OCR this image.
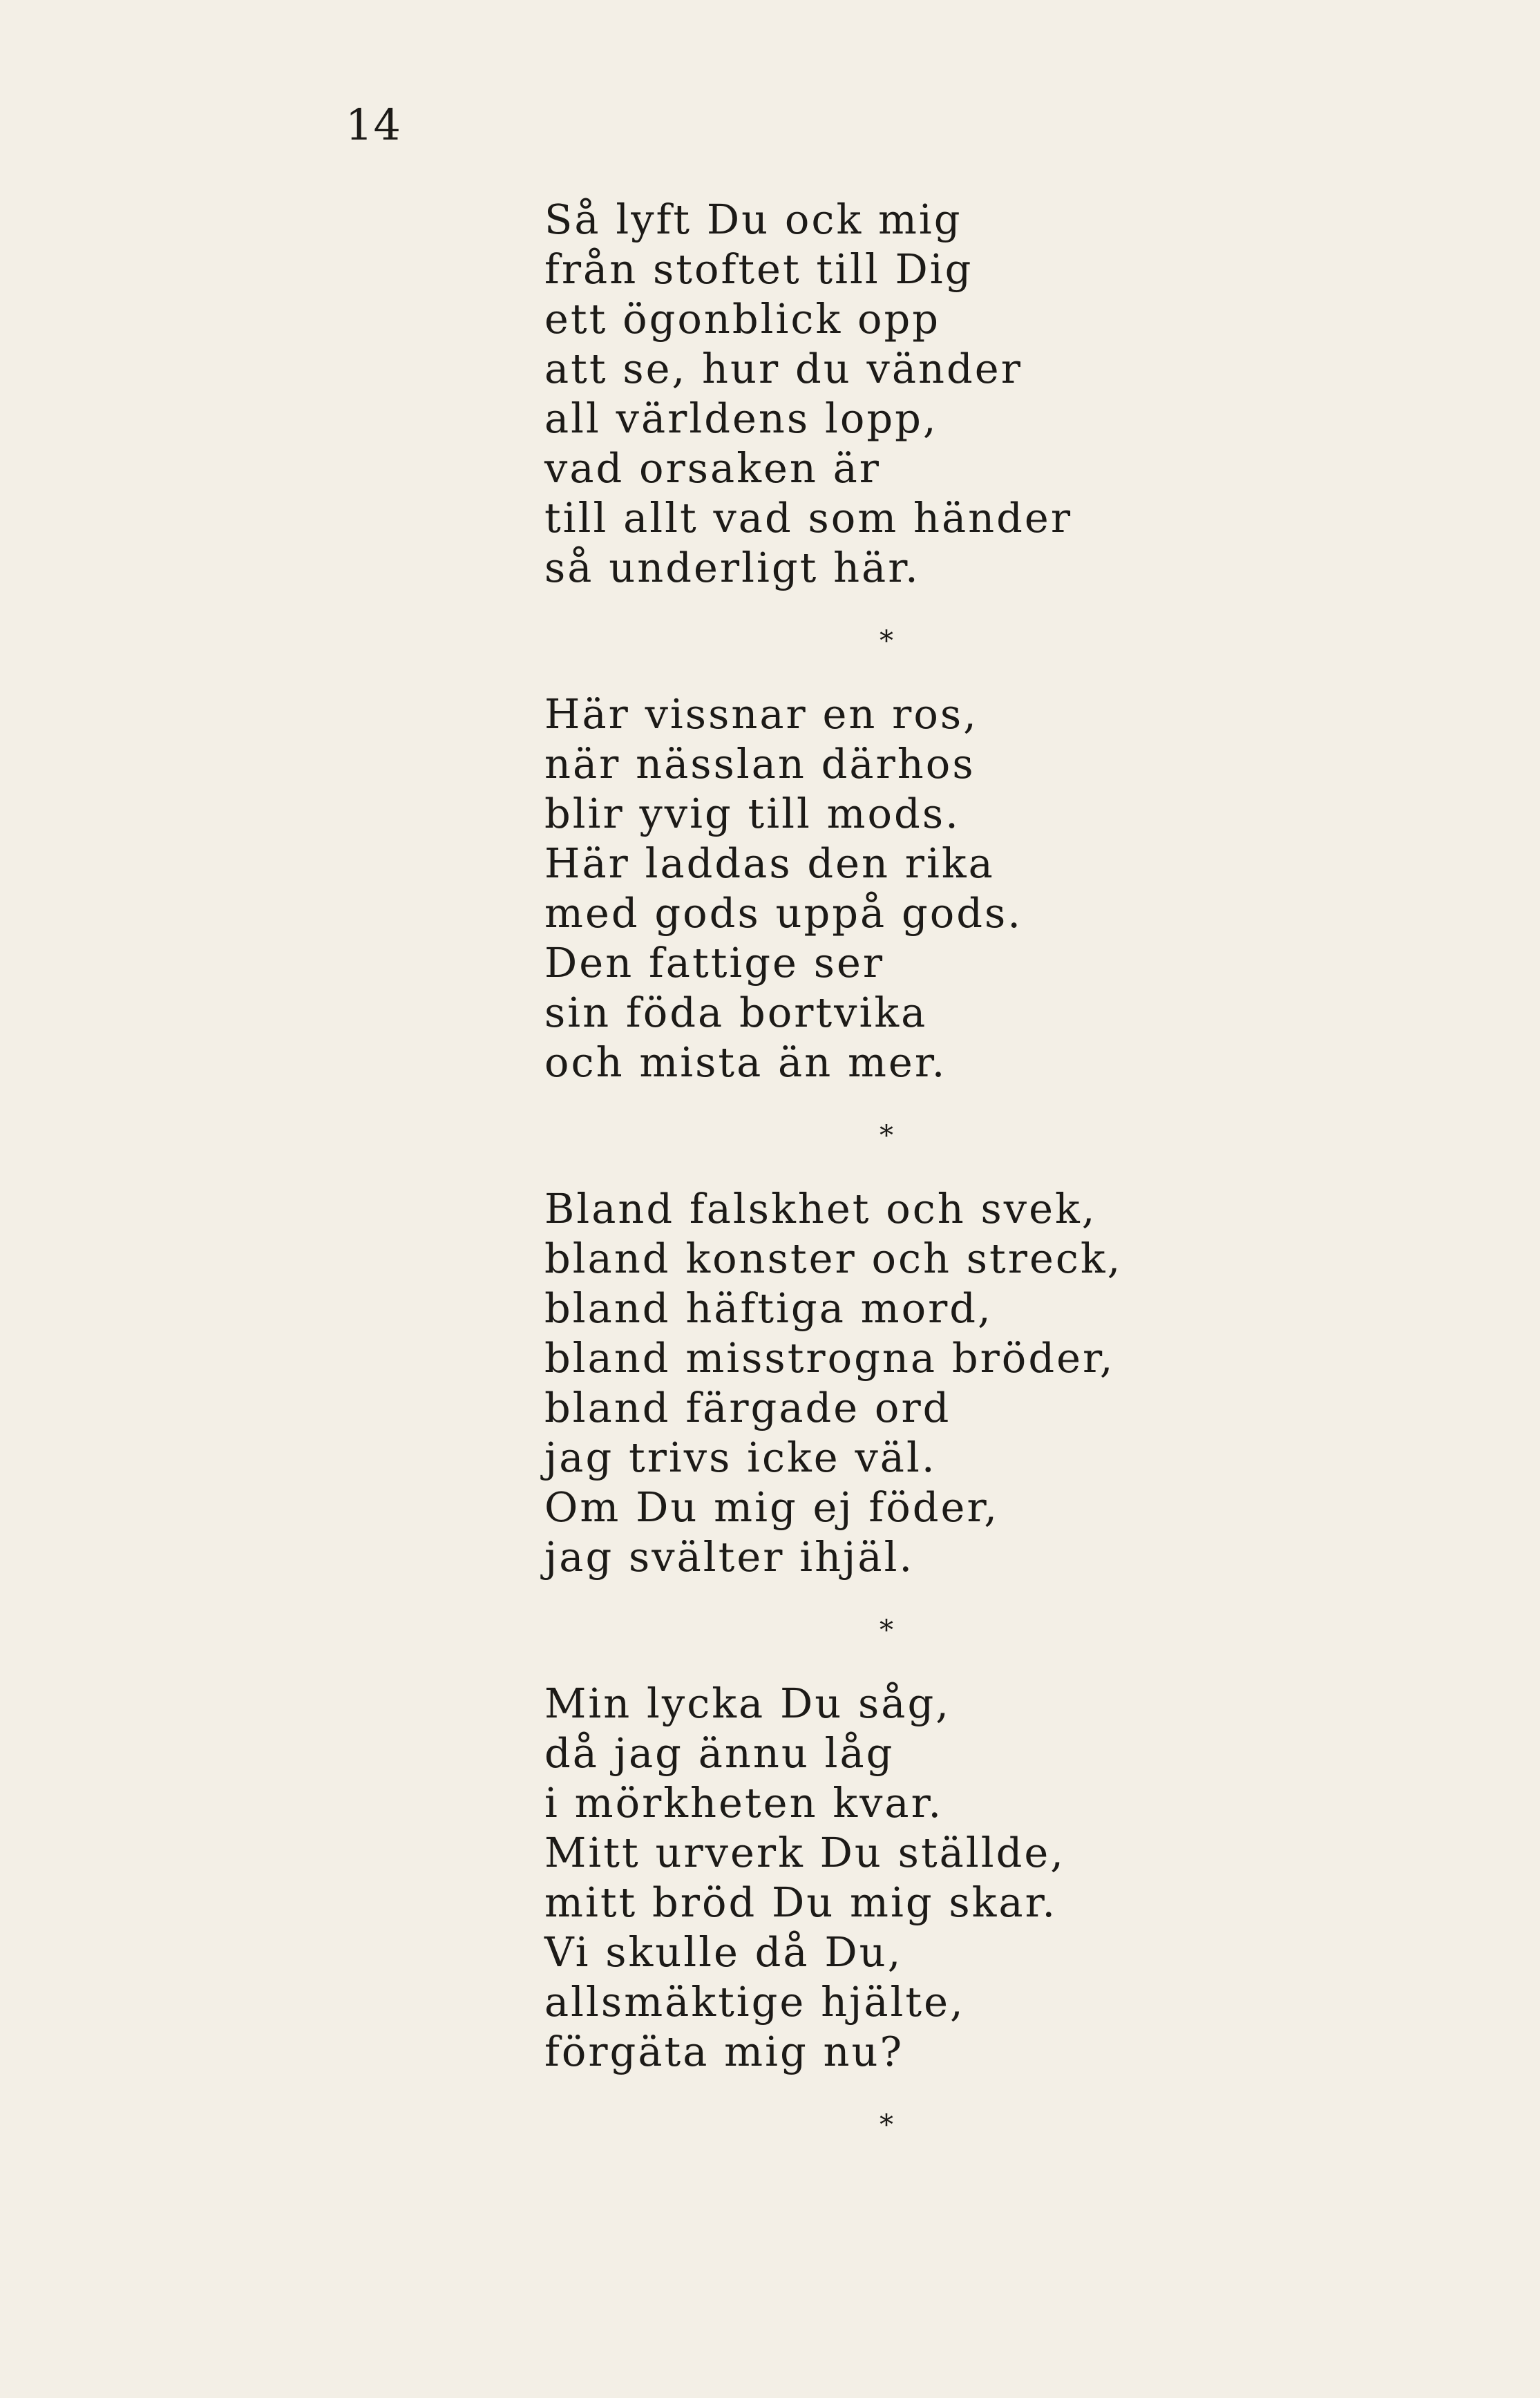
14
Så lyft Du ock mig
från stoftet till Dig
ett ögonblick opp
att se, hur du vänder
all världens lopp,
vad orsaken är
till allt vad som händer
så underligt här.
*
Här vissnar en ros,
när nässlan därhos
blir yvig till mods.
Här laddas den rika
med gods uppå gods.
Den fattige ser
sin föda bortvika
och mista än mer.
*
Bland falskhet och svek,
bland konster och streck,
bland häftiga mord,
bland misstrogna bröder,
bland färgade ord
jag trivs icke väl.
Om Du mig ej föder,
jag svälter ihjäl.
*
Min lycka Du såg,
då jag ännu låg
i mörkheten kvar.
Mitt urverk Du ställde,
mitt bröd Du mig skar.
Vi skulle då Du,
allsmäktige hjälte,
förgäta mig nu?
*
